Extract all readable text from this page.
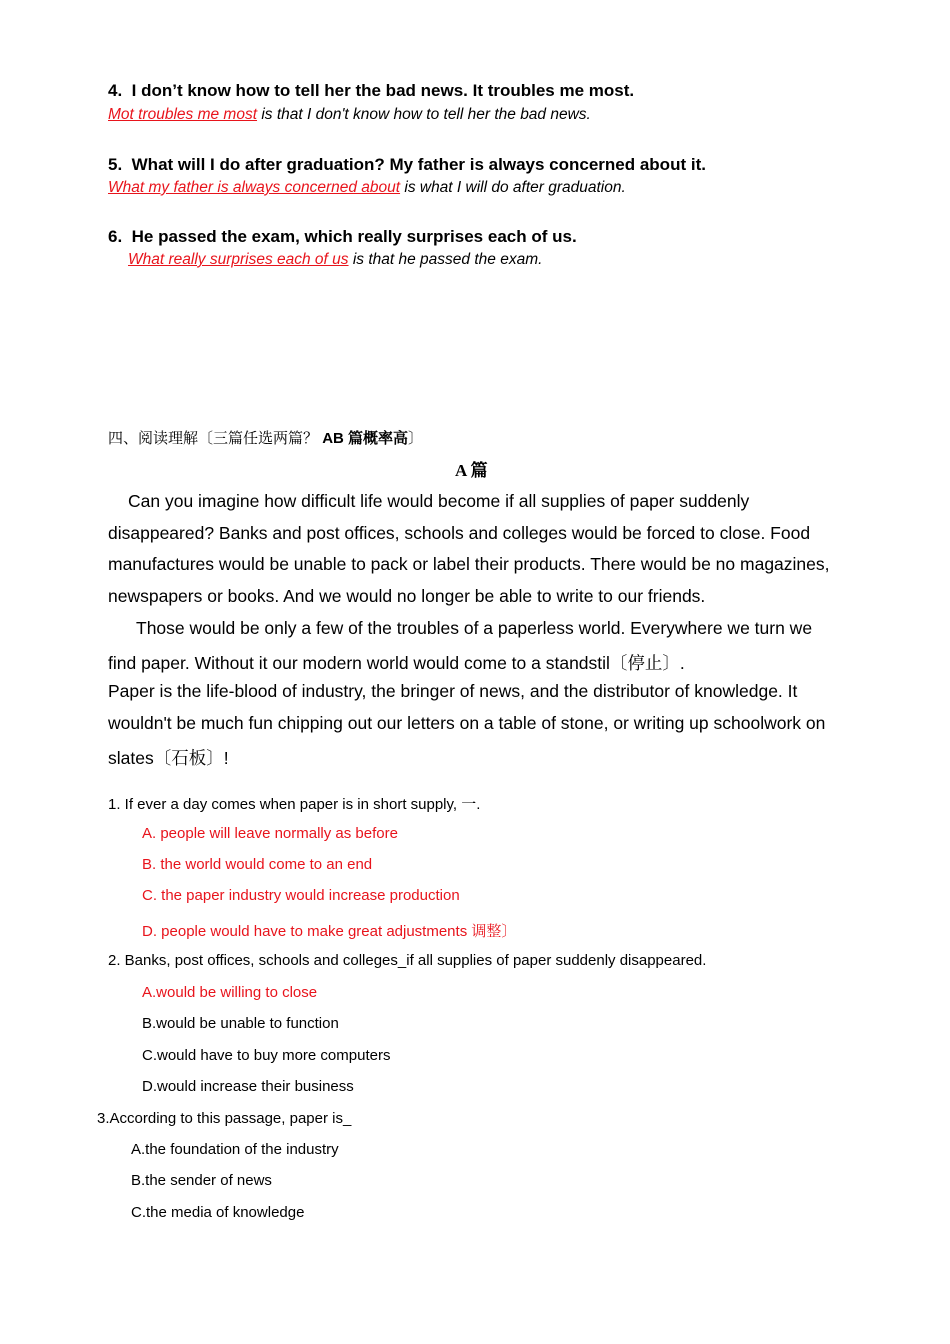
4. I don’t know how to tell her the bad news. It troubles me most.
Mot troubles me most is that I don't know how to tell her the bad news.
5. What will I do after graduation? My father is always concerned about it.
What my father is always concerned about is what I will do after graduation.
6. He passed the exam, which really surprises each of us.
What really surprises each of us is that he passed the exam.
四、阅读理解〔三篇任选两篇？ AB 篇概率高〕
A 篇
Can you imagine how difficult life would become if all supplies of paper suddenly
disappeared? Banks and post offices, schools and colleges would be forced to close. Food
manufactures would be unable to pack or label their products. There would be no magazines,
newspapers or books. And we would no longer be able to write to our friends.
Those would be only a few of the troubles of a paperless world. Everywhere we turn we
find paper. Without it our modern world would come to a standstil〔停止〕.
Paper is the life-blood of industry, the bringer of news, and the distributor of knowledge. It
wouldn't be much fun chipping out our letters on a table of stone, or writing up schoolwork on
slates〔石板〕!
1. If ever a day comes when paper is in short supply, 一.
A. people will leave normally as before
B. the world would come to an end
C. the paper industry would increase production
D. people would have to make great adjustments 调整〕
2. Banks, post offices, schools and colleges_if all supplies of paper suddenly disappeared.
A.would be willing to close
B.would be unable to function
C.would have to buy more computers
D.would increase their business
3.According to this passage, paper is_
A.the foundation of the industry
B.the sender of news
C.the media of knowledge
